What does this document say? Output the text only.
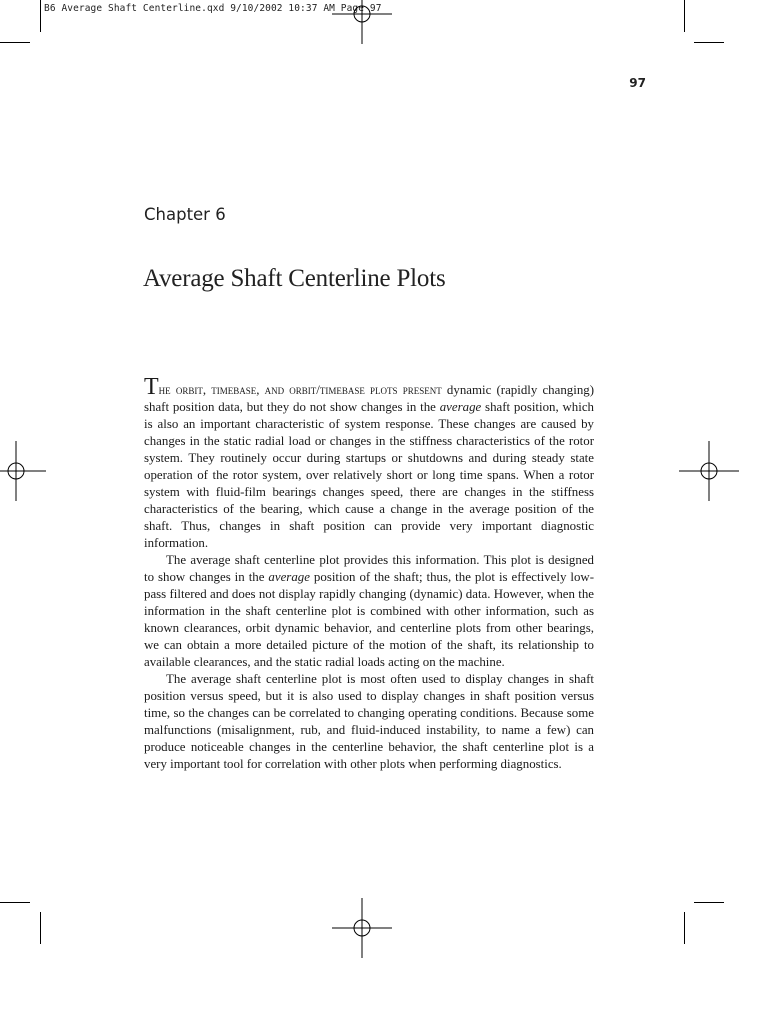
B6 Average Shaft Centerline.qxd 9/10/2002 10:37 AM Page 97
97
Chapter 6
Average Shaft Centerline Plots

The orbit, timebase, and orbit/timebase plots present dynamic (rapidly changing) shaft position data, but they do not show changes in the average shaft position, which is also an important characteristic of system response. These changes are caused by changes in the static radial load or changes in the stiffness characteristics of the rotor system. They routinely occur during startups or shutdowns and during steady state operation of the rotor system, over relatively short or long time spans. When a rotor system with fluid-film bearings changes speed, there are changes in the stiffness characteristics of the bearing, which cause a change in the average position of the shaft. Thus, changes in shaft position can provide very important diagnostic information.

The average shaft centerline plot provides this information. This plot is designed to show changes in the average position of the shaft; thus, the plot is effectively low-pass filtered and does not display rapidly changing (dynamic) data. However, when the information in the shaft centerline plot is combined with other information, such as known clearances, orbit dynamic behavior, and centerline plots from other bearings, we can obtain a more detailed picture of the motion of the shaft, its relationship to available clearances, and the static radial loads acting on the machine.

The average shaft centerline plot is most often used to display changes in shaft position versus speed, but it is also used to display changes in shaft position versus time, so the changes can be correlated to changing operating conditions. Because some malfunctions (misalignment, rub, and fluid-induced instability, to name a few) can produce noticeable changes in the centerline behavior, the shaft centerline plot is a very important tool for correlation with other plots when performing diagnostics.
